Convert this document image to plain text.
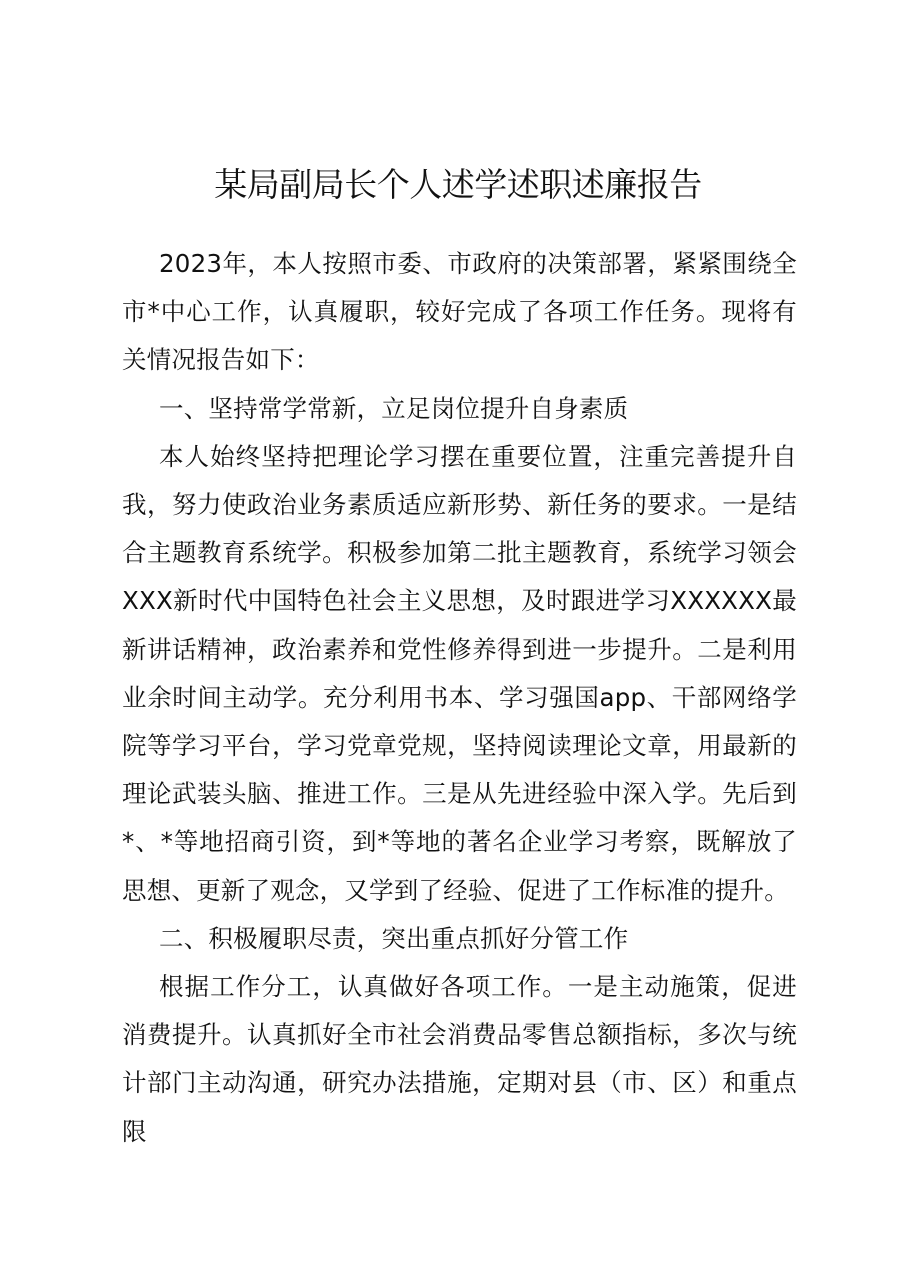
某局副局长个人述学述职述廉报告

2023年，本人按照市委、市政府的决策部署，紧紧围绕全市*中心工作，认真履职，较好完成了各项工作任务。现将有关情况报告如下：

一、坚持常学常新，立足岗位提升自身素质

本人始终坚持把理论学习摆在重要位置，注重完善提升自我，努力使政治业务素质适应新形势、新任务的要求。一是结合主题教育系统学。积极参加第二批主题教育，系统学习领会XXX新时代中国特色社会主义思想，及时跟进学习XXXXXX最新讲话精神，政治素养和党性修养得到进一步提升。二是利用业余时间主动学。充分利用书本、学习强国app、干部网络学院等学习平台，学习党章党规，坚持阅读理论文章，用最新的理论武装头脑、推进工作。三是从先进经验中深入学。先后到*、*等地招商引资，到*等地的著名企业学习考察，既解放了思想、更新了观念，又学到了经验、促进了工作标准的提升。

二、积极履职尽责，突出重点抓好分管工作

根据工作分工，认真做好各项工作。一是主动施策，促进消费提升。认真抓好全市社会消费品零售总额指标，多次与统计部门主动沟通，研究办法措施，定期对县（市、区）和重点限
